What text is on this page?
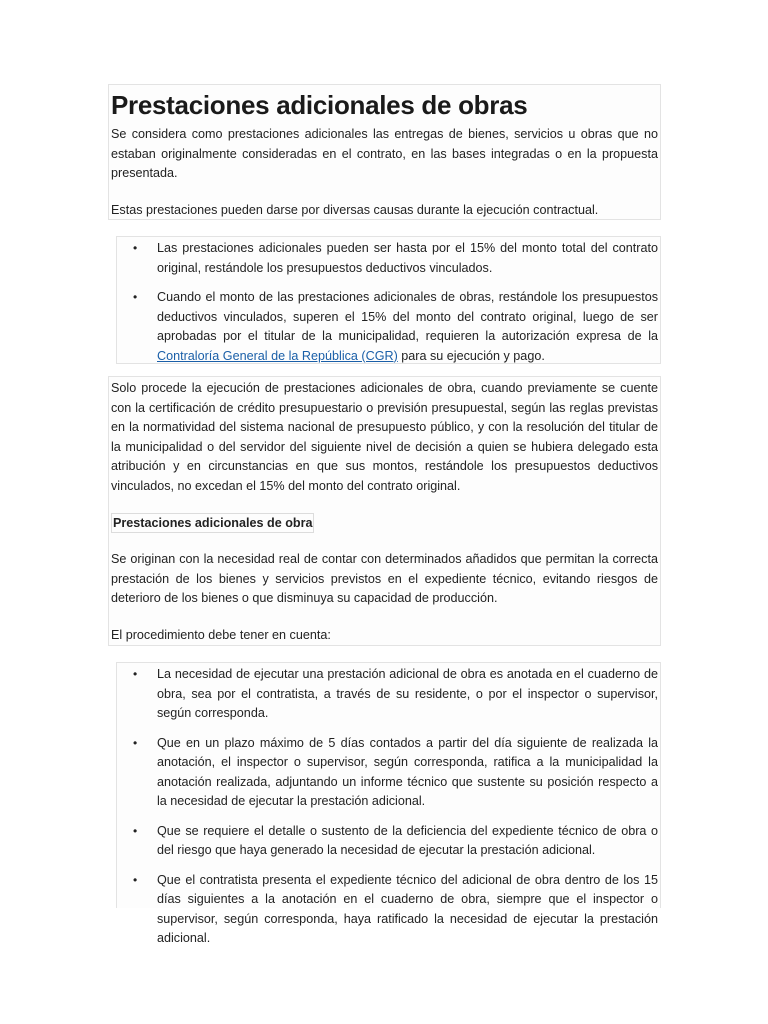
Prestaciones adicionales de obras

Se considera como prestaciones adicionales las entregas de bienes, servicios u obras que no estaban originalmente consideradas en el contrato, en las bases integradas o en la propuesta presentada.

Estas prestaciones pueden darse por diversas causas durante la ejecución contractual.

• Las prestaciones adicionales pueden ser hasta por el 15% del monto total del contrato original, restándole los presupuestos deductivos vinculados.
• Cuando el monto de las prestaciones adicionales de obras, restándole los presupuestos deductivos vinculados, superen el 15% del monto del contrato original, luego de ser aprobadas por el titular de la municipalidad, requieren la autorización expresa de la Contraloría General de la República (CGR) para su ejecución y pago.

Solo procede la ejecución de prestaciones adicionales de obra, cuando previamente se cuente con la certificación de crédito presupuestario o previsión presupuestal, según las reglas previstas en la normatividad del sistema nacional de presupuesto público, y con la resolución del titular de la municipalidad o del servidor del siguiente nivel de decisión a quien se hubiera delegado esta atribución y en circunstancias en que sus montos, restándole los presupuestos deductivos vinculados, no excedan el 15% del monto del contrato original.

Prestaciones adicionales de obra

Se originan con la necesidad real de contar con determinados añadidos que permitan la correcta prestación de los bienes y servicios previstos en el expediente técnico, evitando riesgos de deterioro de los bienes o que disminuya su capacidad de producción.

El procedimiento debe tener en cuenta:

• La necesidad de ejecutar una prestación adicional de obra es anotada en el cuaderno de obra, sea por el contratista, a través de su residente, o por el inspector o supervisor, según corresponda.
• Que en un plazo máximo de 5 días contados a partir del día siguiente de realizada la anotación, el inspector o supervisor, según corresponda, ratifica a la municipalidad la anotación realizada, adjuntando un informe técnico que sustente su posición respecto a la necesidad de ejecutar la prestación adicional.
• Que se requiere el detalle o sustento de la deficiencia del expediente técnico de obra o del riesgo que haya generado la necesidad de ejecutar la prestación adicional.
• Que el contratista presenta el expediente técnico del adicional de obra dentro de los 15 días siguientes a la anotación en el cuaderno de obra, siempre que el inspector o supervisor, según corresponda, haya ratificado la necesidad de ejecutar la prestación adicional.
